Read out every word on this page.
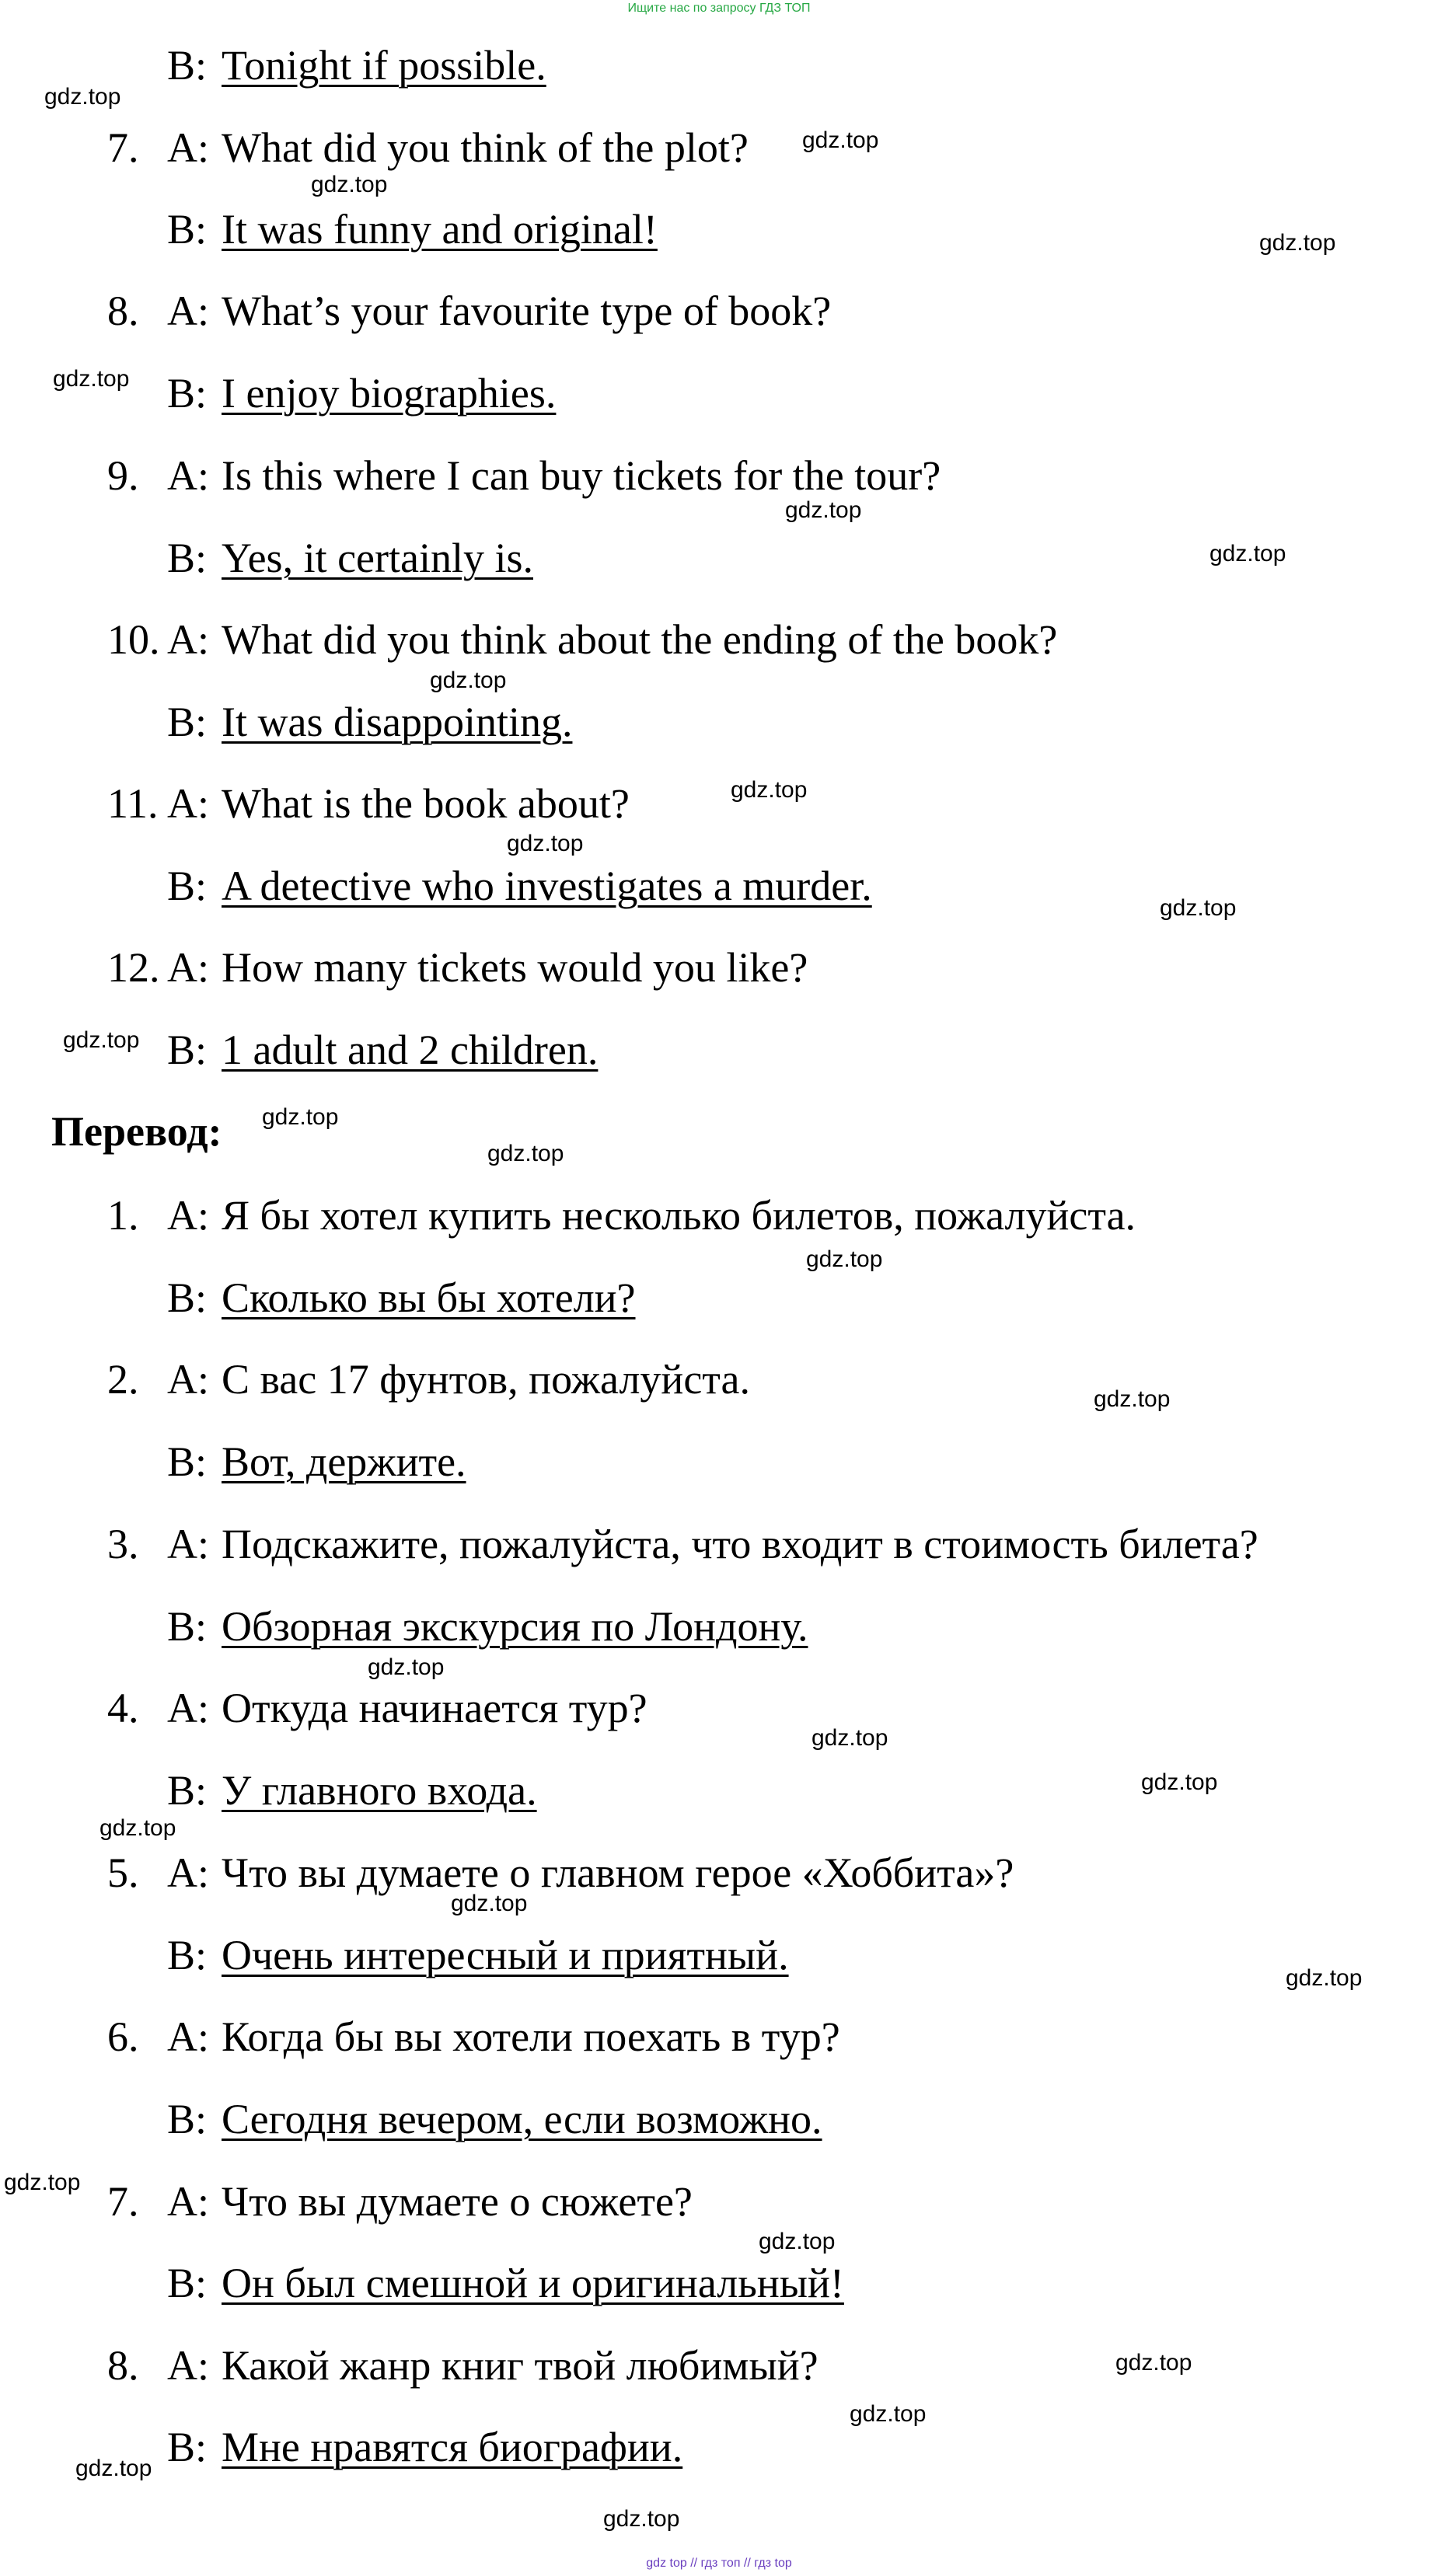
Ищите нас по запросу ГДЗ ТОП
B: Tonight if possible.
7. A: What did you think of the plot?
B: It was funny and original!
8. A: What’s your favourite type of book?
B: I enjoy biographies.
9. A: Is this where I can buy tickets for the tour?
B: Yes, it certainly is.
10. A: What did you think about the ending of the book?
B: It was disappointing.
11. A: What is the book about?
B: A detective who investigates a murder.
12. A: How many tickets would you like?
B: 1 adult and 2 children.
Перевод:
1. A: Я бы хотел купить несколько билетов, пожалуйста.
B: Сколько вы бы хотели?
2. A: С вас 17 фунтов, пожалуйста.
B: Вот, держите.
3. A: Подскажите, пожалуйста, что входит в стоимость билета?
B: Обзорная экскурсия по Лондону.
4. A: Откуда начинается тур?
B: У главного входа.
5. A: Что вы думаете о главном герое «Хоббита»?
B: Очень интересный и приятный.
6. A: Когда бы вы хотели поехать в тур?
B: Сегодня вечером, если возможно.
7. A: Что вы думаете о сюжете?
B: Он был смешной и оригинальный!
8. A: Какой жанр книг твой любимый?
B: Мне нравятся биографии.
gdz.top
gdz.top
gdz.top
gdz.top
gdz.top
gdz.top
gdz.top
gdz.top
gdz.top
gdz.top
gdz.top
gdz.top
gdz.top
gdz.top
gdz.top
gdz.top
gdz.top
gdz.top
gdz.top
gdz.top
gdz.top
gdz.top
gdz.top
gdz.top
gdz.top
gdz.top
gdz.top
gdz.top
gdz top // гдз топ // гдз top
